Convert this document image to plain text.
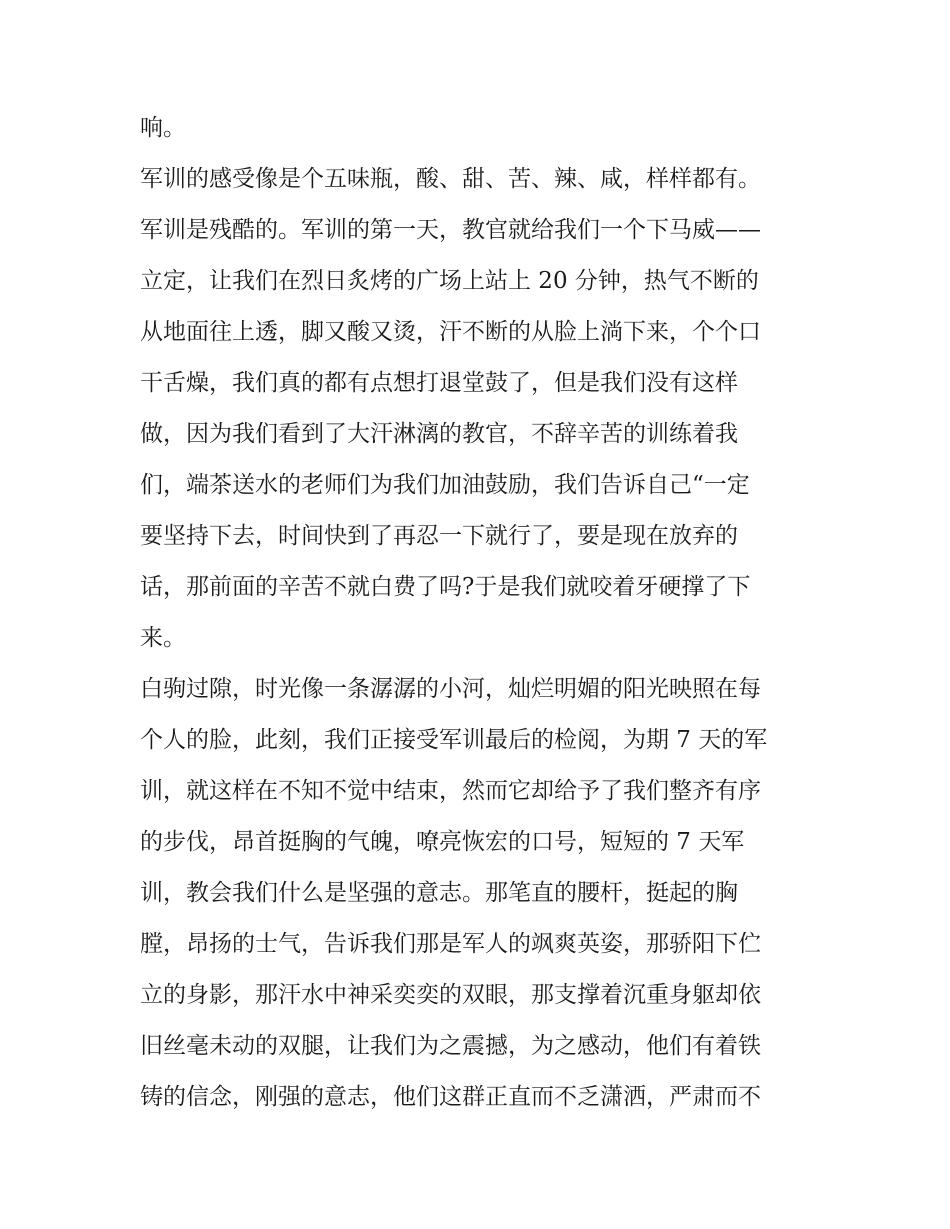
响。
军训的感受像是个五味瓶，酸、甜、苦、辣、咸，样样都有。
军训是残酷的。军训的第一天，教官就给我们一个下马威——
立定，让我们在烈日炙烤的广场上站上 20 分钟，热气不断的
从地面往上透，脚又酸又烫，汗不断的从脸上淌下来，个个口
干舌燥，我们真的都有点想打退堂鼓了，但是我们没有这样
做，因为我们看到了大汗淋漓的教官，不辞辛苦的训练着我
们，端茶送水的老师们为我们加油鼓励，我们告诉自己“一定
要坚持下去，时间快到了再忍一下就行了，要是现在放弃的
话，那前面的辛苦不就白费了吗?于是我们就咬着牙硬撑了下
来。
白驹过隙，时光像一条潺潺的小河，灿烂明媚的阳光映照在每
个人的脸，此刻，我们正接受军训最后的检阅，为期 7 天的军
训，就这样在不知不觉中结束，然而它却给予了我们整齐有序
的步伐，昂首挺胸的气魄，嘹亮恢宏的口号，短短的 7 天军
训，教会我们什么是坚强的意志。那笔直的腰杆，挺起的胸
膛，昂扬的士气，告诉我们那是军人的飒爽英姿，那骄阳下伫
立的身影，那汗水中神采奕奕的双眼，那支撑着沉重身躯却依
旧丝毫未动的双腿，让我们为之震撼，为之感动，他们有着铁
铸的信念，刚强的意志，他们这群正直而不乏潇洒，严肃而不
